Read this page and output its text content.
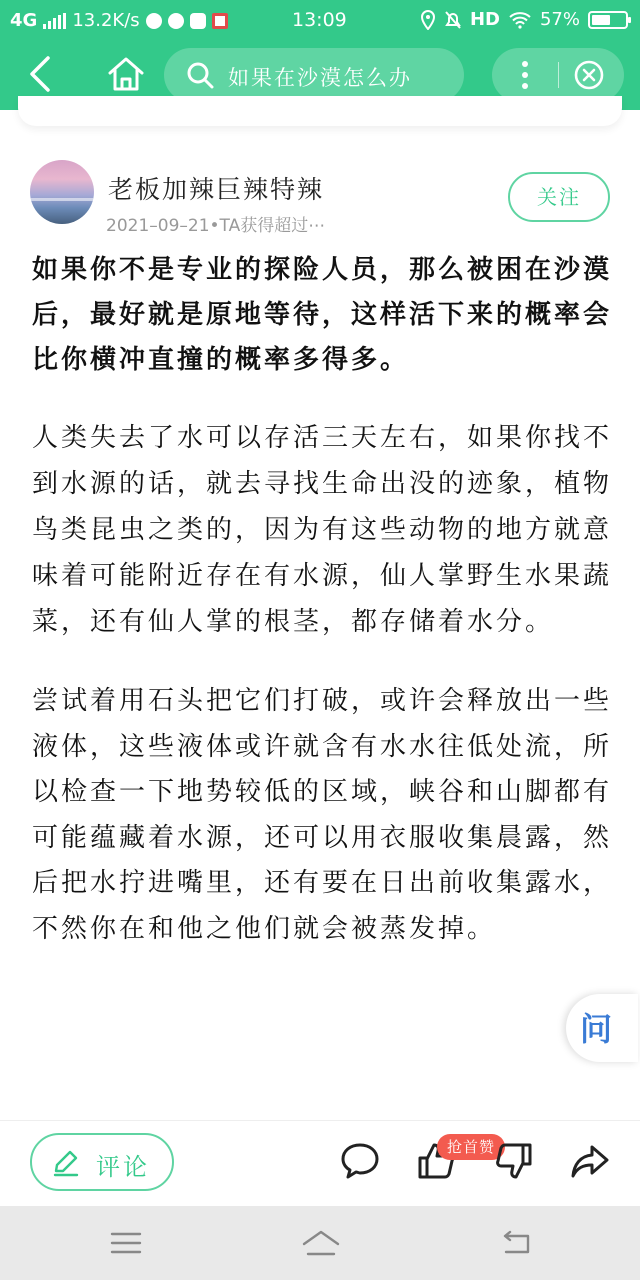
4G 13.2K/s	13:09	HD 57%
如果在沙漠怎么办
老板加辣巨辣特辣
2021–09–21•TA获得超过⋯
关注

如果你不是专业的探险人员，那么被困在沙漠后，最好就是原地等待，这样活下来的概率会比你横冲直撞的概率多得多。

人类失去了水可以存活三天左右，如果你找不到水源的话，就去寻找生命出没的迹象，植物鸟类昆虫之类的，因为有这些动物的地方就意味着可能附近存在有水源，仙人掌野生水果蔬菜，还有仙人掌的根茎，都存储着水分。

尝试着用石头把它们打破，或许会释放出一些液体，这些液体或许就含有水水往低处流，所以检查一下地势较低的区域，峡谷和山脚都有可能蕴藏着水源，还可以用衣服收集晨露，然后把水拧进嘴里，还有要在日出前收集露水，不然你在和他之他们就会被蒸发掉。

问
评论
抢首赞
